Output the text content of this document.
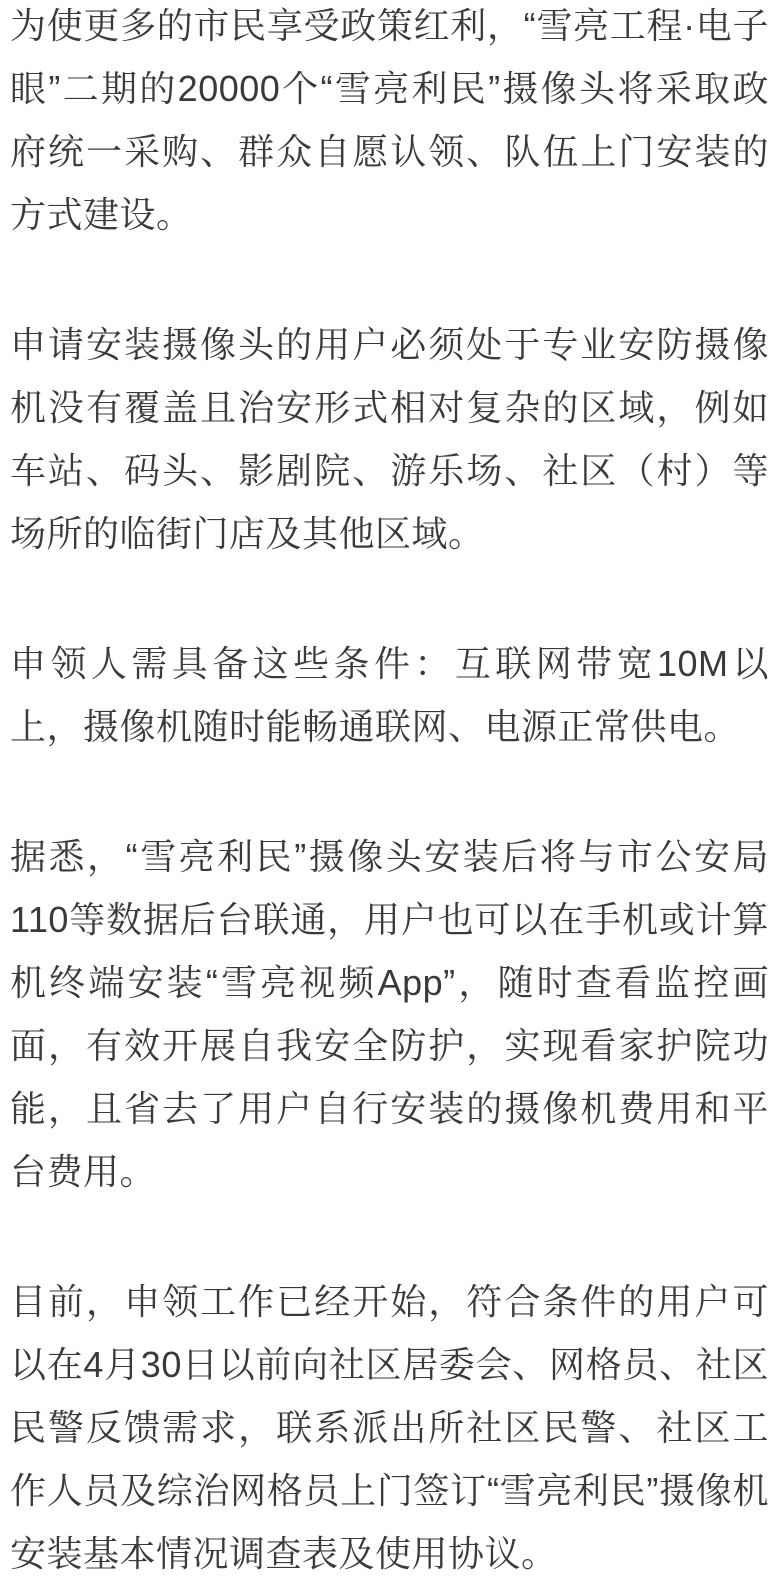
为使更多的市民享受政策红利，“雪亮工程·电子眼”二期的20000个“雪亮利民”摄像头将采取政府统一采购、群众自愿认领、队伍上门安装的方式建设。

申请安装摄像头的用户必须处于专业安防摄像机没有覆盖且治安形式相对复杂的区域，例如车站、码头、影剧院、游乐场、社区（村）等场所的临街门店及其他区域。

申领人需具备这些条件：互联网带宽10M以上，摄像机随时能畅通联网、电源正常供电。

据悉，“雪亮利民”摄像头安装后将与市公安局110等数据后台联通，用户也可以在手机或计算机终端安装“雪亮视频App”，随时查看监控画面，有效开展自我安全防护，实现看家护院功能，且省去了用户自行安装的摄像机费用和平台费用。

目前，申领工作已经开始，符合条件的用户可以在4月30日以前向社区居委会、网格员、社区民警反馈需求，联系派出所社区民警、社区工作人员及综治网格员上门签订“雪亮利民”摄像机安装基本情况调查表及使用协议。
